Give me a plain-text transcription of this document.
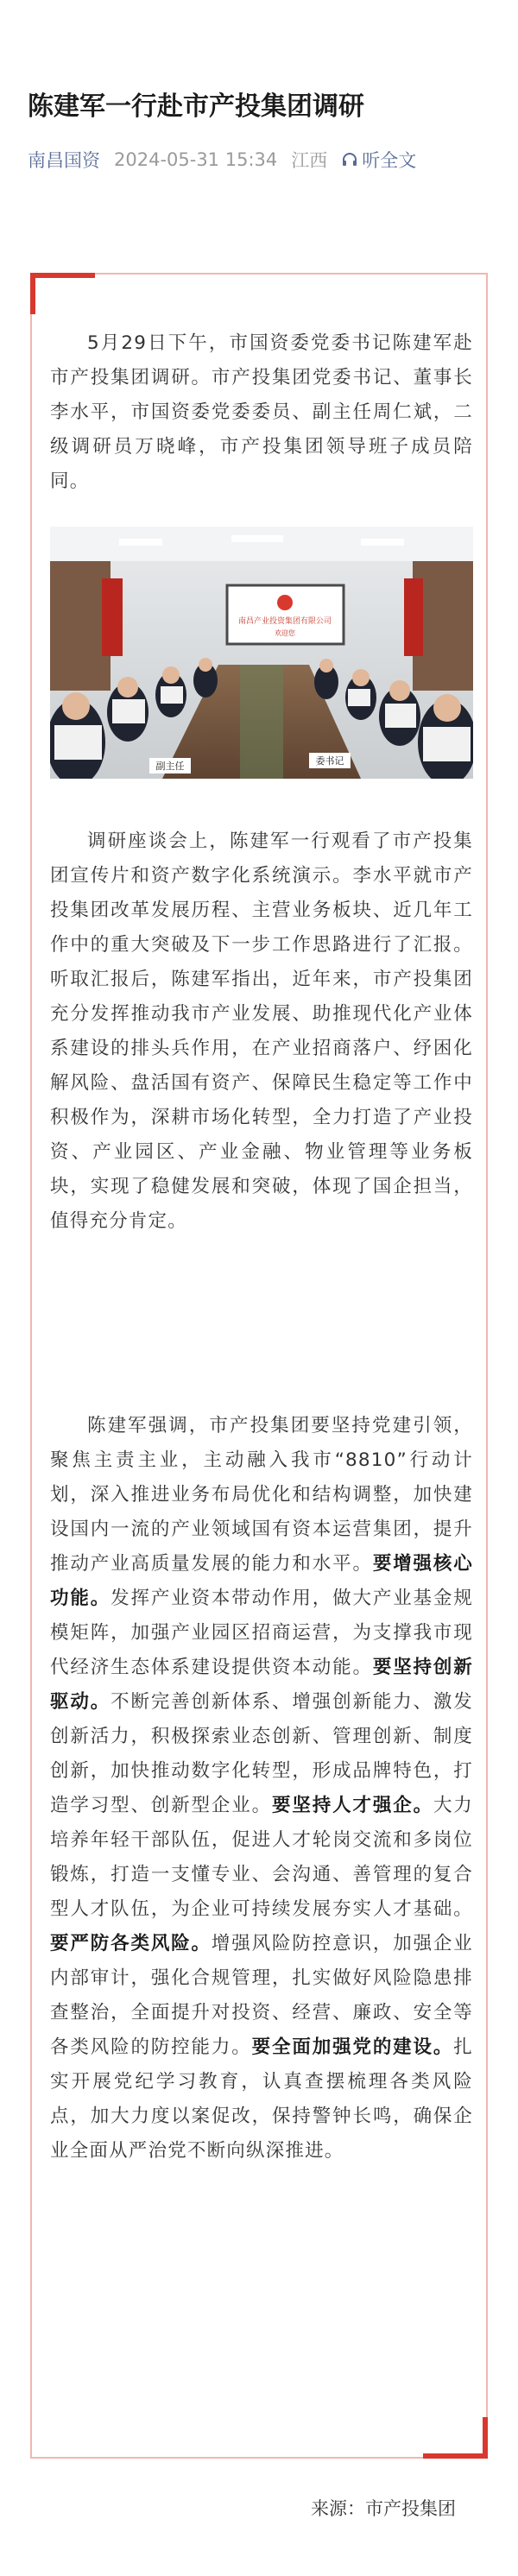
陈建军一行赴市产投集团调研
南昌国资 2024-05-31 15:34 江西 听全文
5月29日下午，市国资委党委书记陈建军赴市产投集团调研。市产投集团党委书记、董事长李水平，市国资委党委委员、副主任周仁斌，二级调研员万晓峰，市产投集团领导班子成员陪同。
南昌产业投资集团有限公司
欢迎您
副主任	委书记
调研座谈会上，陈建军一行观看了市产投集团宣传片和资产数字化系统演示。李水平就市产投集团改革发展历程、主营业务板块、近几年工作中的重大突破及下一步工作思路进行了汇报。听取汇报后，陈建军指出，近年来，市产投集团充分发挥推动我市产业发展、助推现代化产业体系建设的排头兵作用，在产业招商落户、纾困化解风险、盘活国有资产、保障民生稳定等工作中积极作为，深耕市场化转型，全力打造了产业投资、产业园区、产业金融、物业管理等业务板块，实现了稳健发展和突破，体现了国企担当，值得充分肯定。
陈建军强调，市产投集团要坚持党建引领，聚焦主责主业，主动融入我市“8810”行动计划，深入推进业务布局优化和结构调整，加快建设国内一流的产业领域国有资本运营集团，提升推动产业高质量发展的能力和水平。要增强核心功能。发挥产业资本带动作用，做大产业基金规模矩阵，加强产业园区招商运营，为支撑我市现代经济生态体系建设提供资本动能。要坚持创新驱动。不断完善创新体系、增强创新能力、激发创新活力，积极探索业态创新、管理创新、制度创新，加快推动数字化转型，形成品牌特色，打造学习型、创新型企业。要坚持人才强企。大力培养年轻干部队伍，促进人才轮岗交流和多岗位锻炼，打造一支懂专业、会沟通、善管理的复合型人才队伍，为企业可持续发展夯实人才基础。要严防各类风险。增强风险防控意识，加强企业内部审计，强化合规管理，扎实做好风险隐患排查整治，全面提升对投资、经营、廉政、安全等各类风险的防控能力。要全面加强党的建设。扎实开展党纪学习教育，认真查摆梳理各类风险点，加大力度以案促改，保持警钟长鸣，确保企业全面从严治党不断向纵深推进。
来源：市产投集团
